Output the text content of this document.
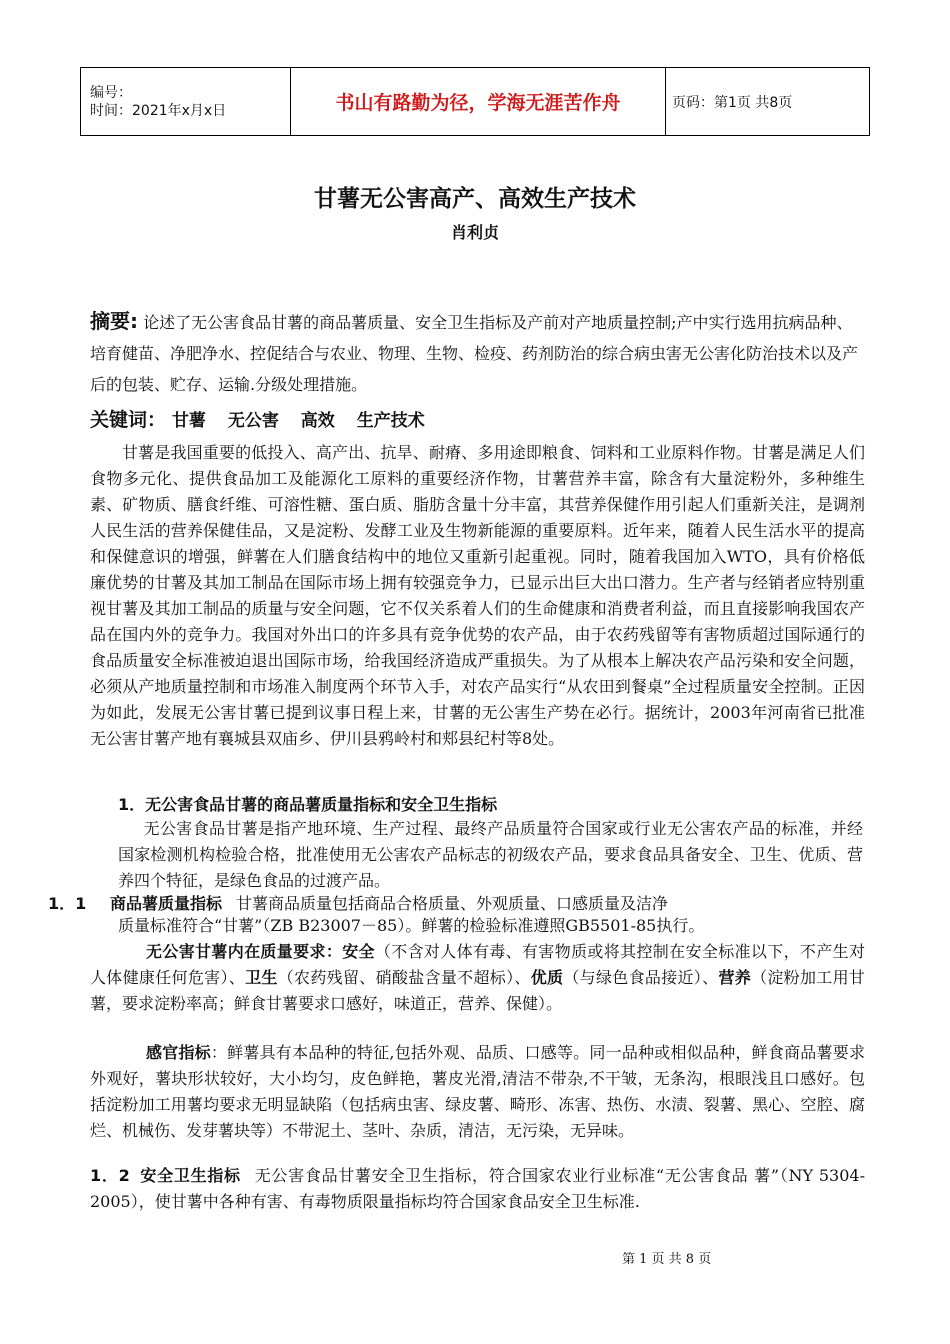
编号：
时间：2021年x月x日	书山有路勤为径，学海无涯苦作舟	页码：第1页 共8页
甘薯无公害高产、高效生产技术
肖利贞
摘要: 论述了无公害食品甘薯的商品薯质量、安全卫生指标及产前对产地质量控制;产中实行选用抗病品种、培育健苗、净肥净水、控促结合与农业、物理、生物、检疫、药剂防治的综合病虫害无公害化防治技术以及产后的包装、贮存、运输.分级处理措施。
关键词： 甘薯 无公害 高效 生产技术

甘薯是我国重要的低投入、高产出、抗旱、耐瘠、多用途即粮食、饲料和工业原料作物。甘薯是满足人们食物多元化、提供食品加工及能源化工原料的重要经济作物，甘薯营养丰富，除含有大量淀粉外，多种维生素、矿物质、膳食纤维、可溶性糖、蛋白质、脂肪含量十分丰富，其营养保健作用引起人们重新关注，是调剂人民生活的营养保健佳品，又是淀粉、发酵工业及生物新能源的重要原料。近年来，随着人民生活水平的提高和保健意识的增强，鲜薯在人们膳食结构中的地位又重新引起重视。同时，随着我国加入WTO，具有价格低廉优势的甘薯及其加工制品在国际市场上拥有较强竞争力，已显示出巨大出口潜力。生产者与经销者应特别重视甘薯及其加工制品的质量与安全问题，它不仅关系着人们的生命健康和消费者利益，而且直接影响我国农产品在国内外的竞争力。我国对外出口的许多具有竞争优势的农产品，由于农药残留等有害物质超过国际通行的食品质量安全标准被迫退出国际市场，给我国经济造成严重损失。为了从根本上解决农产品污染和安全问题，必须从产地质量控制和市场准入制度两个环节入手，对农产品实行“从农田到餐桌”全过程质量安全控制。正因为如此，发展无公害甘薯已提到议事日程上来，甘薯的无公害生产势在必行。据统计，2003年河南省已批准无公害甘薯产地有襄城县双庙乡、伊川县鸦岭村和郏县纪村等8处。

1．无公害食品甘薯的商品薯质量指标和安全卫生指标

无公害食品甘薯是指产地环境、生产过程、最终产品质量符合国家或行业无公害农产品的标准，并经国家检测机构检验合格，批准使用无公害农产品标志的初级农产品，要求食品具备安全、卫生、优质、营养四个特征，是绿色食品的过渡产品。

1．1 商品薯质量指标 甘薯商品质量包括商品合格质量、外观质量、口感质量及洁净
质量标准符合“甘薯”（ZB B23007－85）。鲜薯的检验标准遵照GB5501-85执行。

无公害甘薯内在质量要求：安全（不含对人体有毒、有害物质或将其控制在安全标准以下，不产生对人体健康任何危害）、卫生（农药残留、硝酸盐含量不超标）、优质（与绿色食品接近）、营养（淀粉加工用甘薯，要求淀粉率高；鲜食甘薯要求口感好，味道正，营养、保健）。

感官指标：鲜薯具有本品种的特征,包括外观、品质、口感等。同一品种或相似品种，鲜食商品薯要求外观好，薯块形状较好，大小均匀，皮色鲜艳，薯皮光滑,清洁不带杂,不干皱，无条沟，根眼浅且口感好。包括淀粉加工用薯均要求无明显缺陷（包括病虫害、绿皮薯、畸形、冻害、热伤、水渍、裂薯、黑心、空腔、腐烂、机械伤、发芽薯块等）不带泥土、茎叶、杂质，清洁，无污染，无异味。

1．2 安全卫生指标 无公害食品甘薯安全卫生指标，符合国家农业行业标准“无公害食品 薯”（NY 5304-2005），使甘薯中各种有害、有毒物质限量指标均符合国家食品安全卫生标准.

第 1 页 共 8 页
